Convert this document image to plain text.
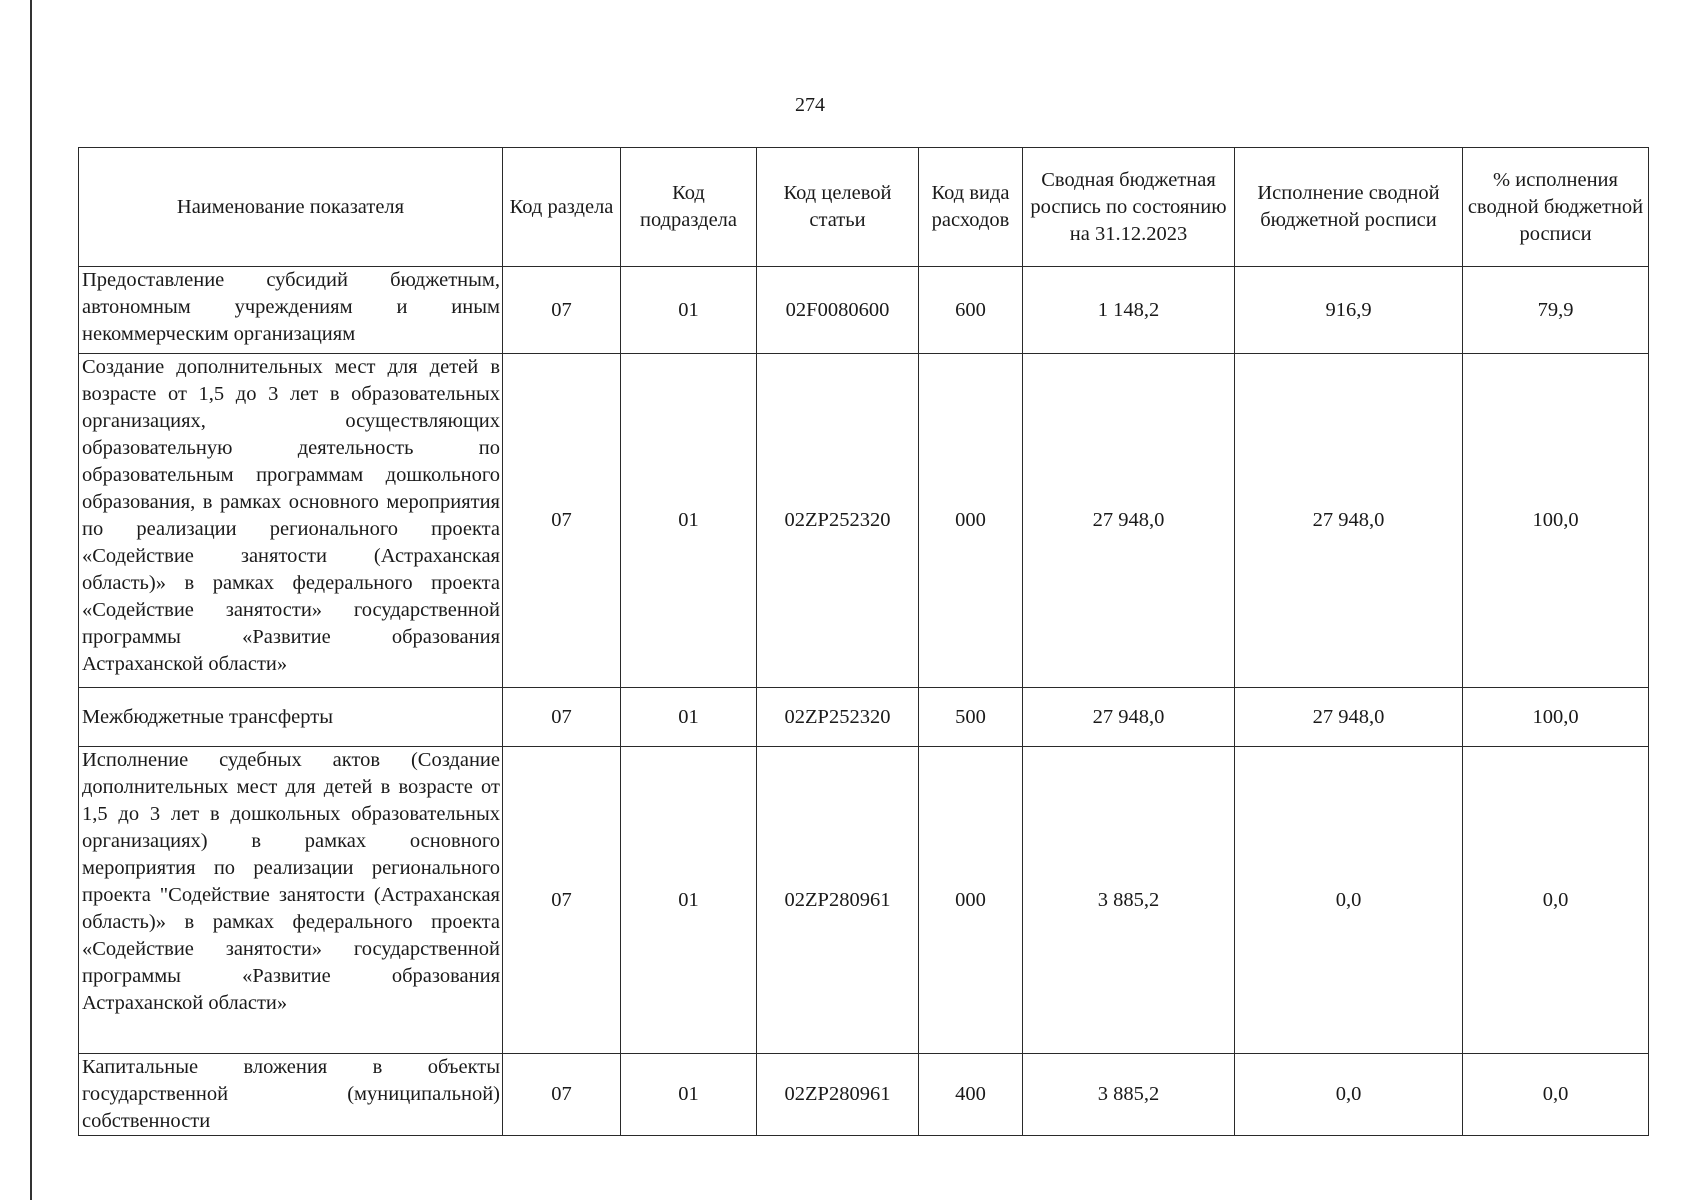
274
Наименование показателя	Код раздела	Код подраздела	Код целевой статьи	Код вида расходов	Сводная бюджетная роспись по состоянию на 31.12.2023	Исполнение сводной бюджетной росписи	% исполнения сводной бюджетной росписи
Предоставление субсидий бюджетным, автономным учреждениям и иным некоммерческим организациям	07	01	02F0080600	600	1 148,2	916,9	79,9
Создание дополнительных мест для детей в возрасте от 1,5 до 3 лет в образовательных организациях, осуществляющих образовательную деятельность по образовательным программам дошкольного образования, в рамках основного мероприятия по реализации регионального проекта «Содействие занятости (Астраханская область)» в рамках федерального проекта «Содействие занятости» государственной программы «Развитие образования Астраханской области»	07	01	02ZP252320	000	27 948,0	27 948,0	100,0
Межбюджетные трансферты	07	01	02ZP252320	500	27 948,0	27 948,0	100,0
Исполнение судебных актов (Создание дополнительных мест для детей в возрасте от 1,5 до 3 лет в дошкольных образовательных организациях) в рамках основного мероприятия по реализации регионального проекта "Содействие занятости (Астраханская область)» в рамках федерального проекта «Содействие занятости» государственной программы «Развитие образования Астраханской области»	07	01	02ZP280961	000	3 885,2	0,0	0,0
Капитальные вложения в объекты государственной (муниципальной) собственности	07	01	02ZP280961	400	3 885,2	0,0	0,0
